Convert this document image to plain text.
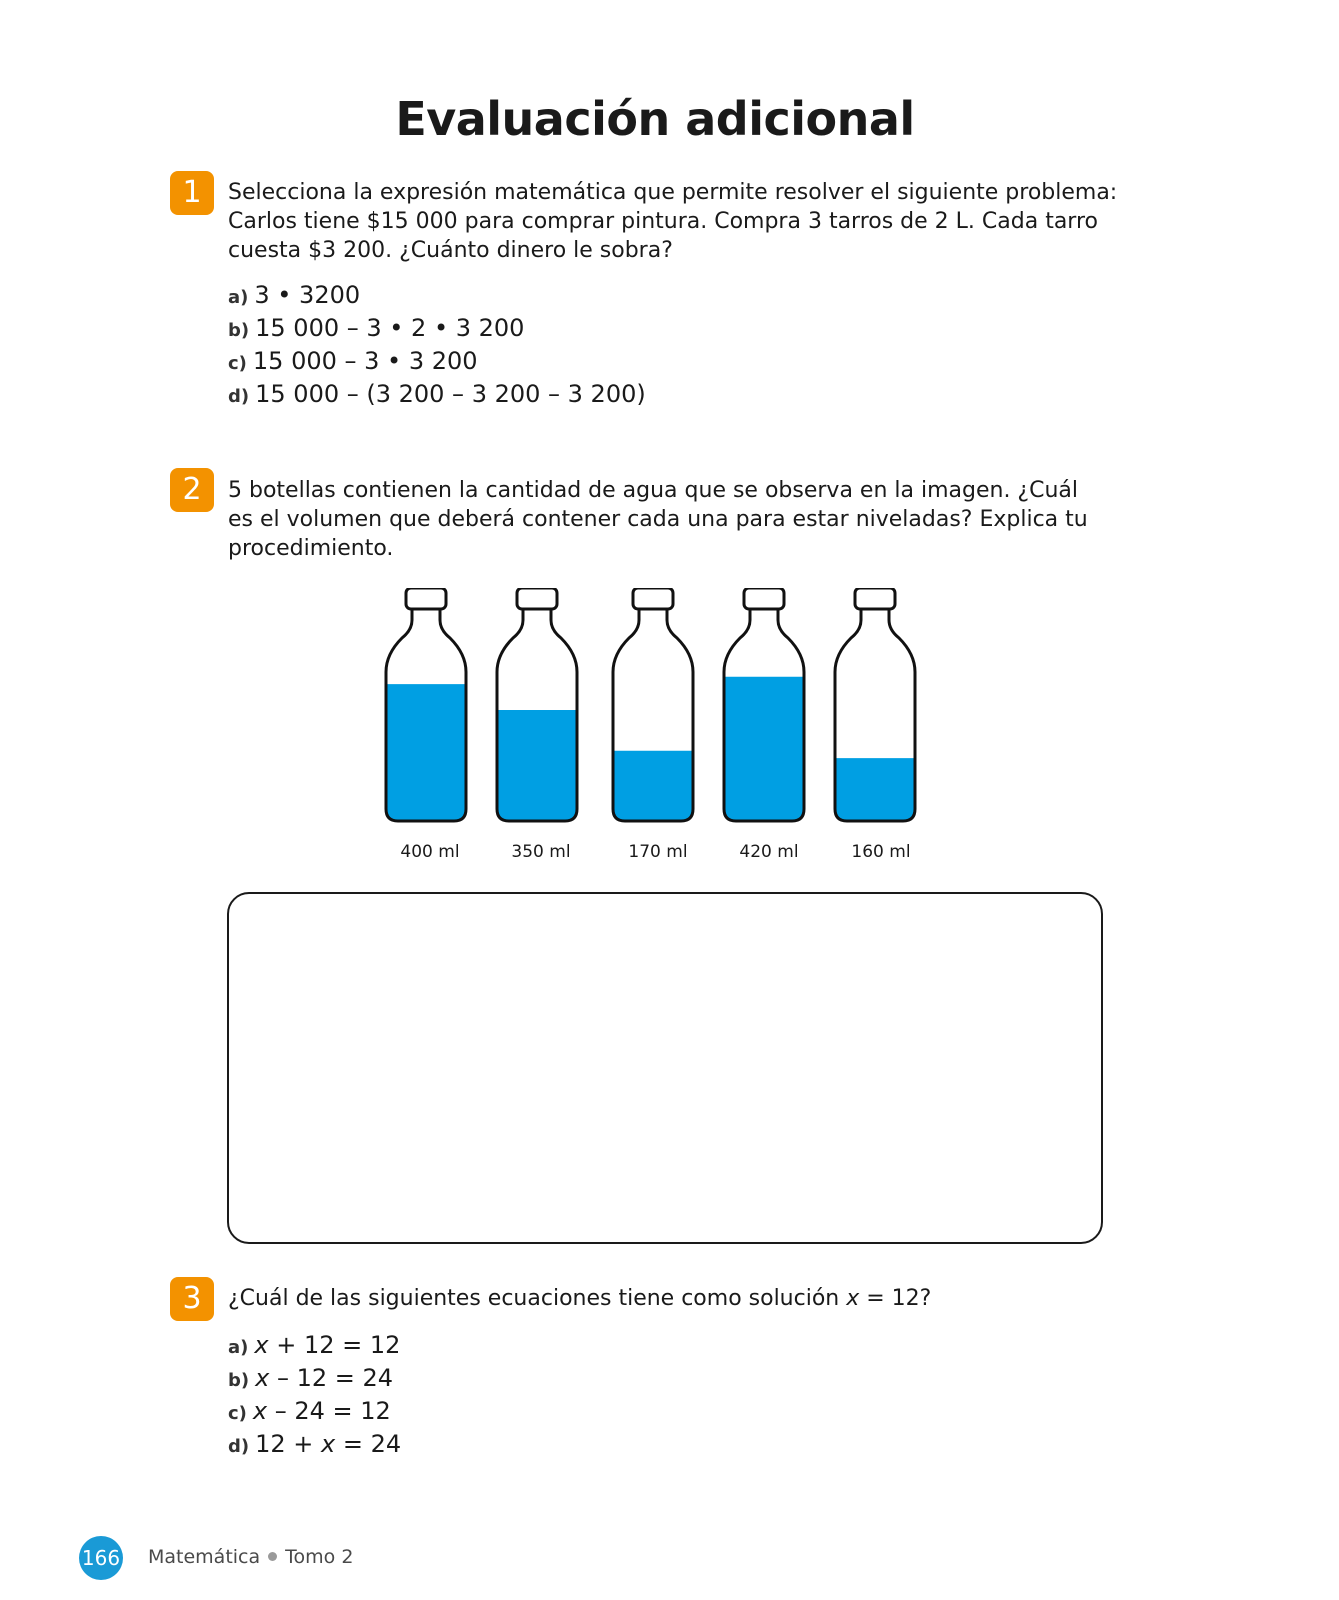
Evaluación adicional
1	Selecciona la expresión matemática que permite resolver el siguiente problema:
Carlos tiene $15 000 para comprar pintura. Compra 3 tarros de 2 L. Cada tarro
cuesta $3 200. ¿Cuánto dinero le sobra?
a) 3 • 3200
b) 15 000 – 3 • 2 • 3 200
c) 15 000 – 3 • 3 200
d) 15 000 – (3 200 – 3 200 – 3 200)
2	5 botellas contienen la cantidad de agua que se observa en la imagen. ¿Cuál
es el volumen que deberá contener cada una para estar niveladas? Explica tu
procedimiento.
400 ml	350 ml	170 ml	420 ml	160 ml
3	¿Cuál de las siguientes ecuaciones tiene como solución x = 12?
a) x + 12 = 12
b) x – 12 = 24
c) x – 24 = 12
d) 12 + x = 24
166 Matemática Tomo 2
